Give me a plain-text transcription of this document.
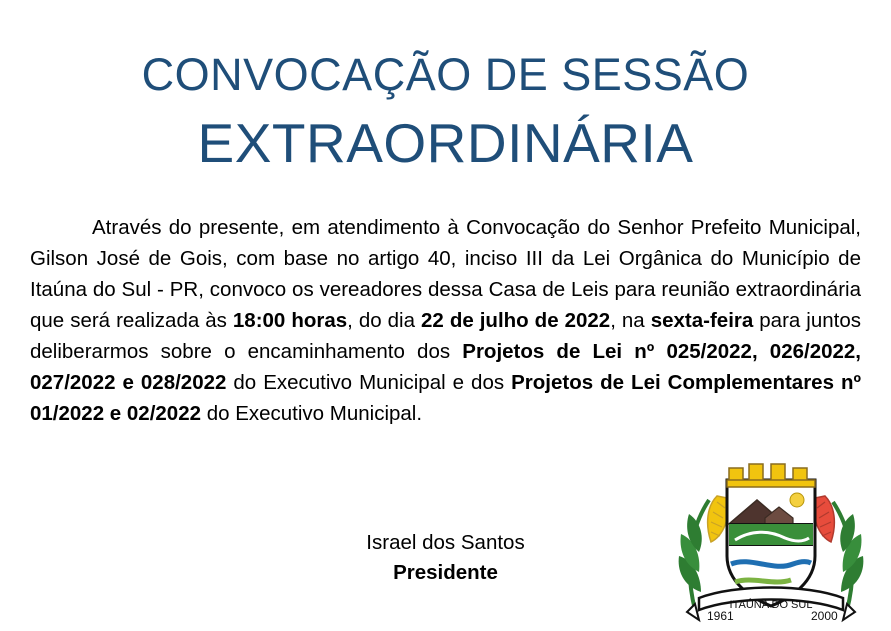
CONVOCAÇÃO DE SESSÃO
EXTRAORDINÁRIA

Através do presente, em atendimento à Convocação do Senhor Prefeito Municipal, Gilson José de Gois, com base no artigo 40, inciso III da Lei Orgânica do Município de Itaúna do Sul - PR, convoco os vereadores dessa Casa de Leis para reunião extraordinária que será realizada às 18:00 horas, do dia 22 de julho de 2022, na sexta-feira para juntos deliberarmos sobre o encaminhamento dos Projetos de Lei nº 025/2022, 026/2022, 027/2022 e 028/2022 do Executivo Municipal e dos Projetos de Lei Complementares nº 01/2022 e 02/2022 do Executivo Municipal.

Israel dos Santos
Presidente
ITAÚNA DO SUL
1961	2000
